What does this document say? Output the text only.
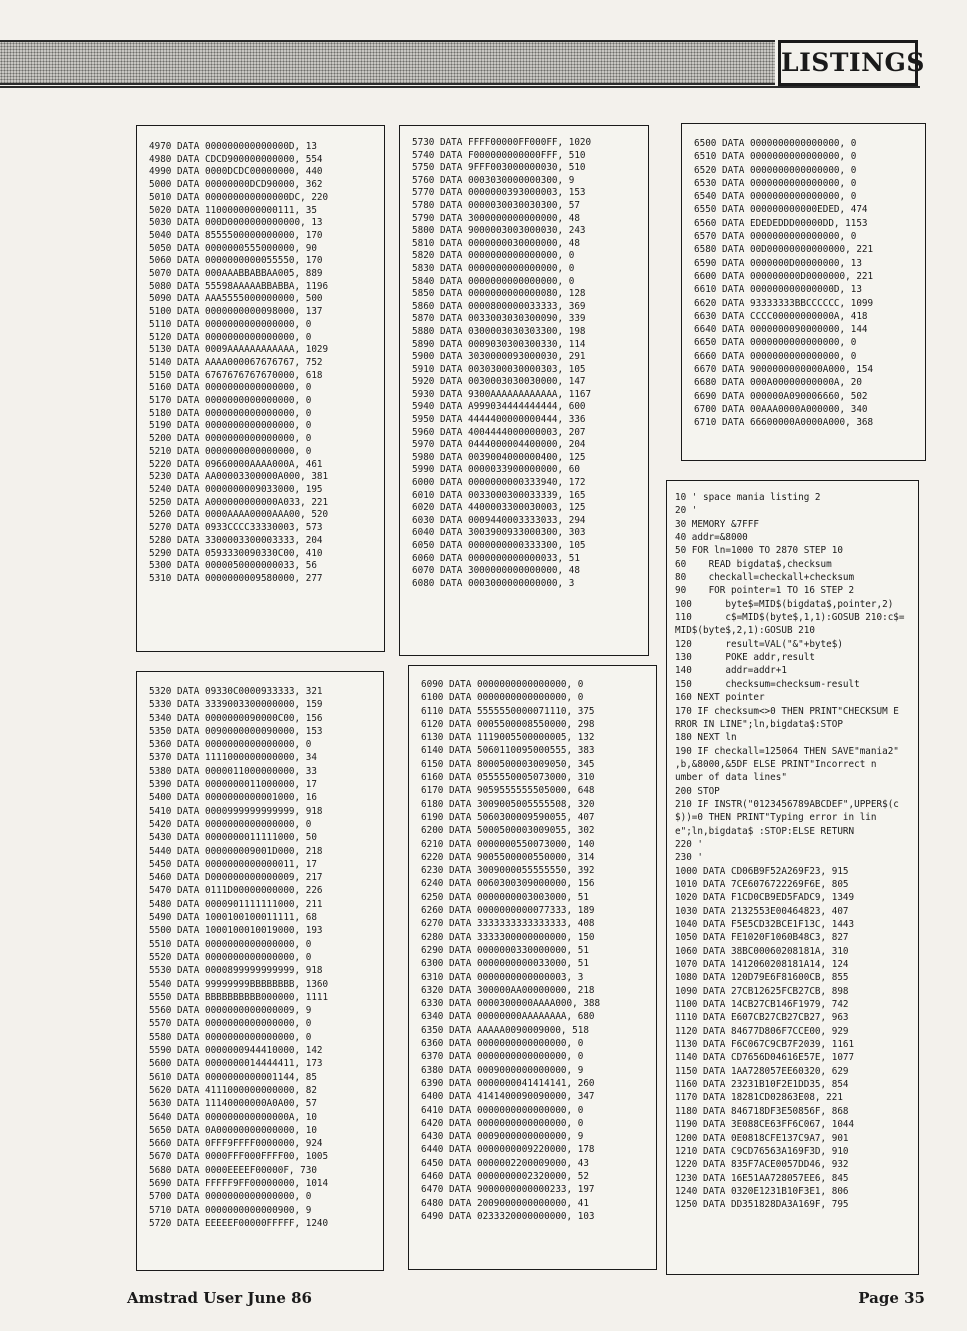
LISTINGS
4970 DATA 000000000000000D, 13
4980 DATA CDCD900000000000, 554
4990 DATA 0000DCDC00000000, 440
5000 DATA 00000000DCD90000, 362
5010 DATA 000000000000000DC, 220
5020 DATA 1100000000000111, 35
5030 DATA 000D0000000000000, 13
5040 DATA 8555500000000000, 170
5050 DATA 0000000555000000, 90
5060 DATA 0000000000055550, 170
5070 DATA 000AAABBABBAA005, 889
5080 DATA 55598AAAAABBABBA, 1196
5090 DATA AAA5555000000000, 500
5100 DATA 0000000000098000, 137
5110 DATA 0000000000000000, 0
5120 DATA 0000000000000000, 0
5130 DATA 0009AAAAAAAAAAAA, 1029
5140 DATA AAAA000067676767, 752
5150 DATA 6767676767670000, 618
5160 DATA 0000000000000000, 0
5170 DATA 0000000000000000, 0
5180 DATA 0000000000000000, 0
5190 DATA 0000000000000000, 0
5200 DATA 0000000000000000, 0
5210 DATA 0000000000000000, 0
5220 DATA 09660000AAAA000A, 461
5230 DATA AA00003300000A000, 381
5240 DATA 0000000009033000, 195
5250 DATA A000000000000A033, 221
5260 DATA 0000AAAA0000AAA00, 520
5270 DATA 0933CCCC33330003, 573
5280 DATA 3300003300003333, 204
5290 DATA 0593330090330C00, 410
5300 DATA 0000050000000033, 56
5310 DATA 0000000009580000, 277
5320 DATA 09330C0000933333, 321
5330 DATA 3339003300000000, 159
5340 DATA 0000000090000C00, 156
5350 DATA 0090000000090000, 153
5360 DATA 0000000000000000, 0
5370 DATA 1111000000000000, 34
5380 DATA 0000011000000000, 33
5390 DATA 0000000011000000, 17
5400 DATA 0000000000001000, 16
5410 DATA 0000999999999999, 918
5420 DATA 0000000000000000, 0
5430 DATA 0000000011111000, 50
5440 DATA 000000009001D000, 218
5450 DATA 0000000000000011, 17
5460 DATA D000000000000009, 217
5470 DATA 0111D00000000000, 226
5480 DATA 0000901111111000, 211
5490 DATA 1000100100011111, 68
5500 DATA 1000100010019000, 193
5510 DATA 0000000000000000, 0
5520 DATA 0000000000000000, 0
5530 DATA 0000899999999999, 918
5540 DATA 99999999BBBBBBBB, 1360
5550 DATA BBBBBBBBBB000000, 1111
5560 DATA 0000000000000009, 9
5570 DATA 0000000000000000, 0
5580 DATA 0000000000000000, 0
5590 DATA 0000000944410000, 142
5600 DATA 0000000014444411, 173
5610 DATA 0000000000001144, 85
5620 DATA 4111000000000000, 82
5630 DATA 11140000000A0A00, 57
5640 DATA 000000000000000A, 10
5650 DATA 0A00000000000000, 10
5660 DATA 0FFF9FFFF0000000, 924
5670 DATA 0000FFF000FFFF00, 1005
5680 DATA 0000EEEEF00000F, 730
5690 DATA FFFFF9FF00000000, 1014
5700 DATA 0000000000000000, 0
5710 DATA 0000000000000900, 9
5720 DATA EEEEEF00000FFFFF, 1240
5730 DATA FFFF00000FF000FF, 1020
5740 DATA F000000000000FFF, 510
5750 DATA 9FFF003000000030, 510
5760 DATA 0003030000000300, 9
5770 DATA 0000000393000003, 153
5780 DATA 0000030030030300, 57
5790 DATA 3000000000000000, 48
5800 DATA 9000003003000030, 243
5810 DATA 0000000030000000, 48
5820 DATA 0000000000000000, 0
5830 DATA 0000000000000000, 0
5840 DATA 0000000000000000, 0
5850 DATA 0000000000000080, 128
5860 DATA 0000800000033333, 369
5870 DATA 0033003030300090, 339
5880 DATA 0300003030303300, 198
5890 DATA 0009030300300330, 114
5900 DATA 3030000093000030, 291
5910 DATA 0030300030000303, 105
5920 DATA 0030003030030000, 147
5930 DATA 9300AAAAAAAAAAAA, 1167
5940 DATA A999034444444444, 600
5950 DATA 4444400000000444, 336
5960 DATA 4004444000000003, 207
5970 DATA 0444000004400000, 204
5980 DATA 0039004000000400, 125
5990 DATA 0000033900000000, 60
6000 DATA 0000000000333940, 172
6010 DATA 0033000300033339, 165
6020 DATA 4400003300030003, 125
6030 DATA 0009440003333033, 294
6040 DATA 3003900933000300, 303
6050 DATA 0000000000333300, 105
6060 DATA 0000000000000033, 51
6070 DATA 3000000000000000, 48
6080 DATA 0003000000000000, 3
6090 DATA 0000000000000000, 0
6100 DATA 0000000000000000, 0
6110 DATA 5555550000071110, 375
6120 DATA 0005500008550000, 298
6130 DATA 1119005500000005, 132
6140 DATA 5060110095000555, 383
6150 DATA 8000500003009050, 345
6160 DATA 0555550005073000, 310
6170 DATA 9059555555505000, 648
6180 DATA 3009005005555508, 320
6190 DATA 5060300009590055, 407
6200 DATA 5000500003009055, 302
6210 DATA 0000000550073000, 140
6220 DATA 9005500000550000, 314
6230 DATA 3009000055555550, 392
6240 DATA 0060300309000000, 156
6250 DATA 0000000003003000, 51
6260 DATA 0000000000077333, 189
6270 DATA 3333333333333333, 408
6280 DATA 3333300000000000, 150
6290 DATA 0000000330000000, 51
6300 DATA 0000000000033000, 51
6310 DATA 0000000000000003, 3
6320 DATA 300000AA00000000, 218
6330 DATA 0000300000AAAA000, 388
6340 DATA 00000000AAAAAAAA, 680
6350 DATA AAAAA0090009000, 518
6360 DATA 0000000000000000, 0
6370 DATA 0000000000000000, 0
6380 DATA 0009000000000000, 9
6390 DATA 0000000041414141, 260
6400 DATA 4141400090090000, 347
6410 DATA 0000000000000000, 0
6420 DATA 0000000000000000, 0
6430 DATA 0009000000000000, 9
6440 DATA 0000000009220000, 178
6450 DATA 0000002200009000, 43
6460 DATA 0000000002320000, 52
6470 DATA 9000000000000233, 197
6480 DATA 2009000000000000, 41
6490 DATA 0233320000000000, 103
6500 DATA 0000000000000000, 0
6510 DATA 0000000000000000, 0
6520 DATA 0000000000000000, 0
6530 DATA 0000000000000000, 0
6540 DATA 0000000000000000, 0
6550 DATA 000000000000EDED, 474
6560 DATA EDEDEDDD00000DD, 1153
6570 DATA 0000000000000000, 0
6580 DATA 00D00000000000000, 221
6590 DATA 0000000D00000000, 13
6600 DATA 000000000D0000000, 221
6610 DATA 000000000000000D, 13
6620 DATA 93333333BBCCCCCC, 1099
6630 DATA CCCC00000000000A, 418
6640 DATA 0000000090000000, 144
6650 DATA 0000000000000000, 0
6660 DATA 0000000000000000, 0
6670 DATA 9000000000000A000, 154
6680 DATA 000A00000000000A, 20
6690 DATA 000000A090006660, 502
6700 DATA 00AAA0000A000000, 340
6710 DATA 66600000A0000A000, 368
10 ' space mania listing 2
20 '
30 MEMORY &7FFF
40 addr=&8000
50 FOR ln=1000 TO 2870 STEP 10
60    READ bigdata$,checksum
80    checkall=checkall+checksum
90    FOR pointer=1 TO 16 STEP 2
100      byte$=MID$(bigdata$,pointer,2)
110      c$=MID$(byte$,1,1):GOSUB 210:c$=
MID$(byte$,2,1):GOSUB 210
120      result=VAL("&"+byte$)
130      POKE addr,result
140      addr=addr+1
150      checksum=checksum-result
160 NEXT pointer
170 IF checksum<>0 THEN PRINT"CHECKSUM E
RROR IN LINE";ln,bigdata$:STOP
180 NEXT ln
190 IF checkall=125064 THEN SAVE"mania2"
,b,&8000,&5DF ELSE PRINT"Incorrect n
umber of data lines"
200 STOP
210 IF INSTR("0123456789ABCDEF",UPPER$(c
$))=0 THEN PRINT"Typing error in lin
e";ln,bigdata$ :STOP:ELSE RETURN
220 '
230 '
1000 DATA CD06B9F52A269F23, 915
1010 DATA 7CE6076722269F6E, 805
1020 DATA F1CD0CB9ED5FADC9, 1349
1030 DATA 2132553E00464823, 407
1040 DATA F5E5CD32BCE1F13C, 1443
1050 DATA FE1020F1060B48C3, 827
1060 DATA 38BC00060208181A, 310
1070 DATA 1412060208181A14, 124
1080 DATA 120D79E6F81600CB, 855
1090 DATA 27CB12625FCB27CB, 898
1100 DATA 14CB27CB146F1979, 742
1110 DATA E607CB27CB27CB27, 963
1120 DATA 84677D806F7CCE00, 929
1130 DATA F6C067C9CB7F2039, 1161
1140 DATA CD7656D04616E57E, 1077
1150 DATA 1AA728057EE60320, 629
1160 DATA 23231B10F2E1DD35, 854
1170 DATA 18281CD02863E08, 221
1180 DATA 846718DF3E50856F, 868
1190 DATA 3E088CE63FF6C067, 1044
1200 DATA 0E0818CFE137C9A7, 901
1210 DATA C9CD76563A169F3D, 910
1220 DATA 835F7ACE0057DD46, 932
1230 DATA 16E51AA728057EE6, 845
1240 DATA 0320E1231B10F3E1, 806
1250 DATA DD351828DA3A169F, 795
Amstrad User June 86	Page 35
